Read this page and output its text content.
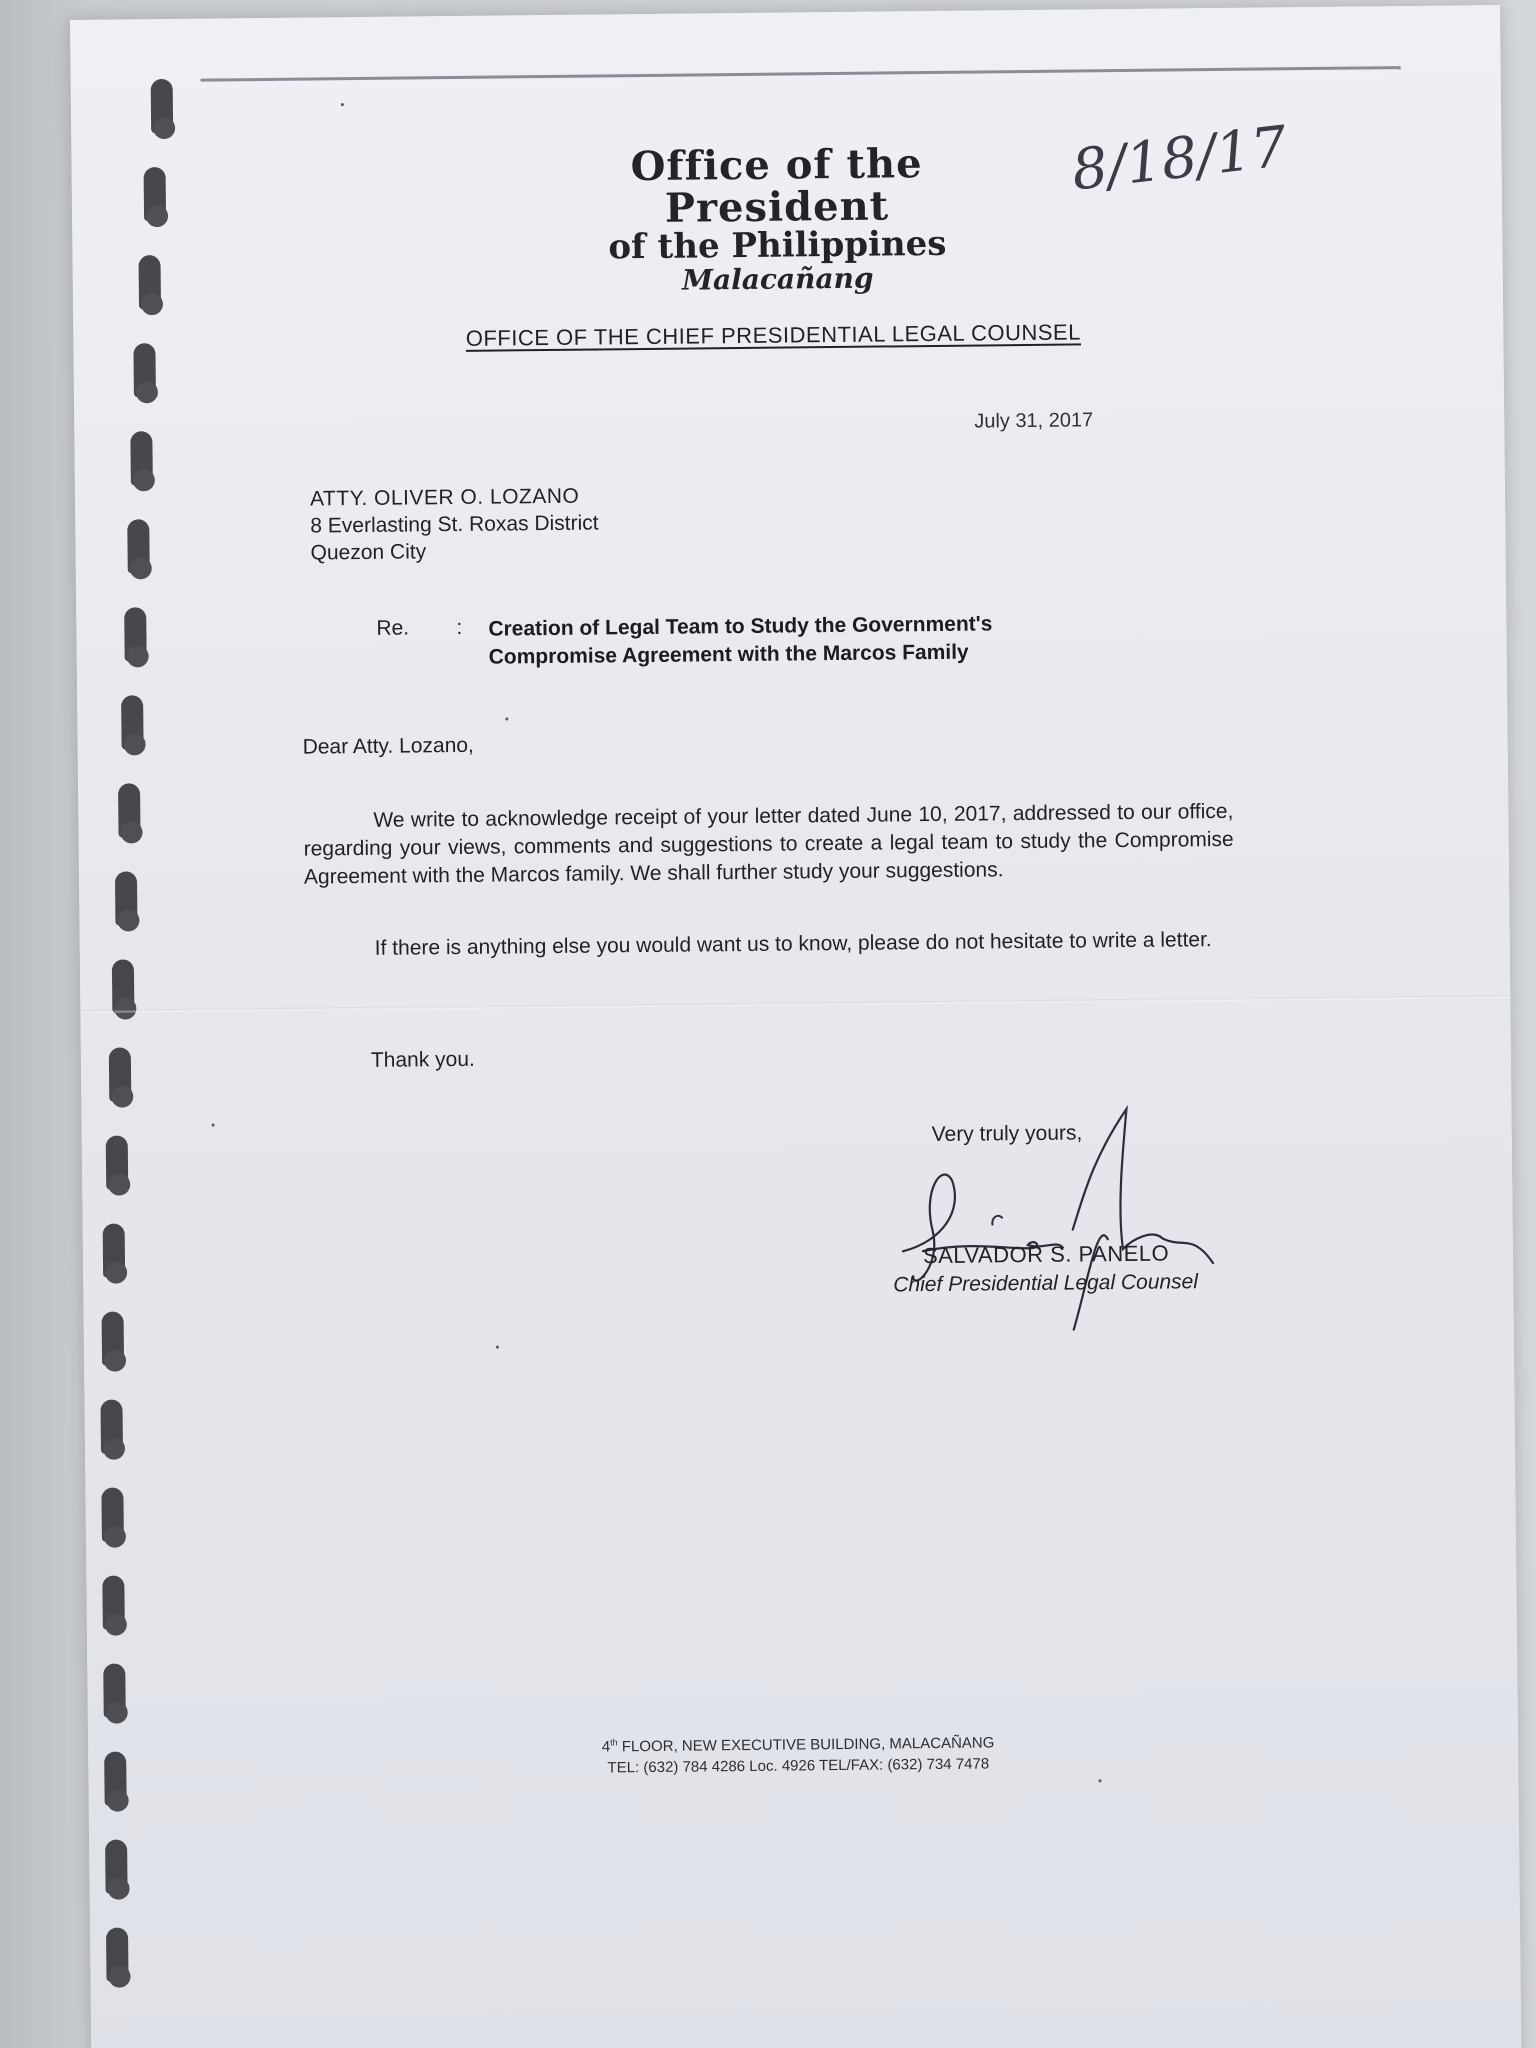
Office of the President
of the Philippines
Malacañang
8/18/17
OFFICE OF THE CHIEF PRESIDENTIAL LEGAL COUNSEL
July 31, 2017
ATTY. OLIVER O. LOZANO
8 Everlasting St. Roxas District
Quezon City
Re. : Creation of Legal Team to Study the Government's
Compromise Agreement with the Marcos Family
Dear Atty. Lozano,

We write to acknowledge receipt of your letter dated June 10, 2017, addressed to our office, regarding your views, comments and suggestions to create a legal team to study the Compromise Agreement with the Marcos family. We shall further study your suggestions.

If there is anything else you would want us to know, please do not hesitate to write a letter.

Thank you.
Very truly yours,
SALVADOR S. PANELO
Chief Presidential Legal Counsel
4th FLOOR, NEW EXECUTIVE BUILDING, MALACAÑANG
TEL: (632) 784 4286 Loc. 4926 TEL/FAX: (632) 734 7478
